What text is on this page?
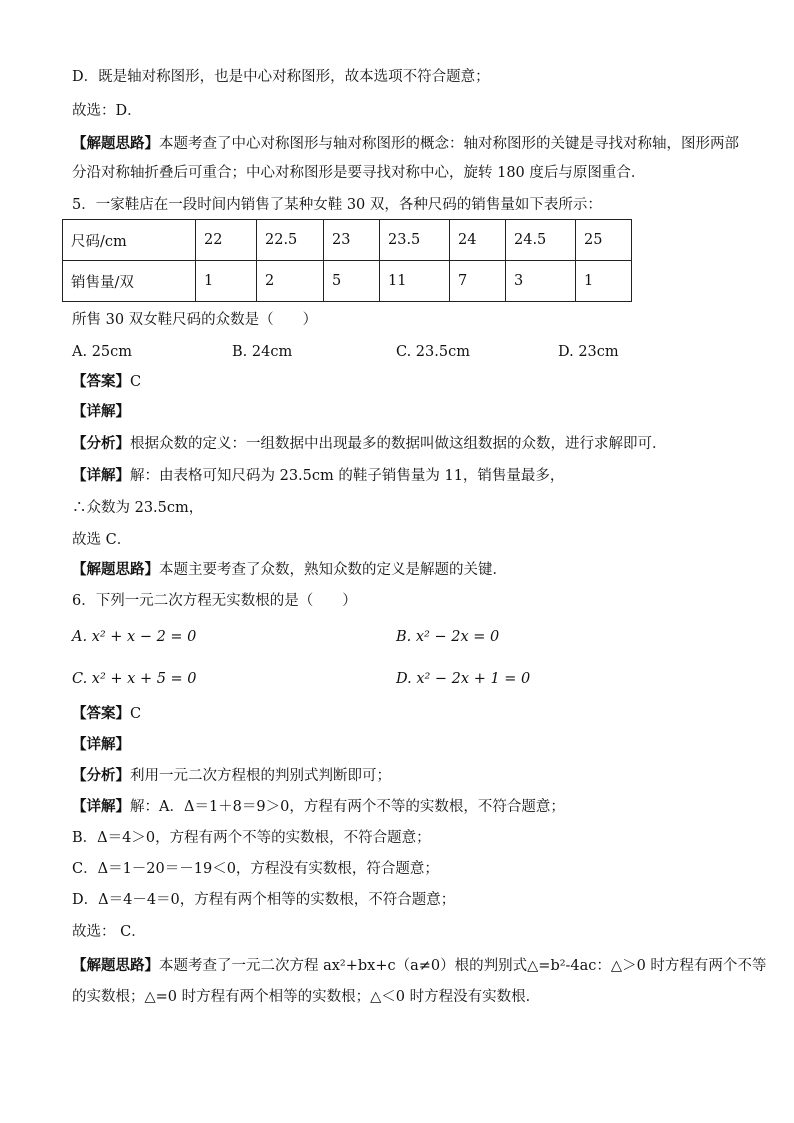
D．既是轴对称图形，也是中心对称图形，故本选项不符合题意；
故选：D．
【解题思路】本题考查了中心对称图形与轴对称图形的概念：轴对称图形的关键是寻找对称轴，图形两部
分沿对称轴折叠后可重合；中心对称图形是要寻找对称中心，旋转 180 度后与原图重合．
5．一家鞋店在一段时间内销售了某种女鞋 30 双，各种尺码的销售量如下表所示：
尺码/cm	22	22.5	23	23.5	24	24.5	25
销售量/双	1	2	5	11	7	3	1
所售 30 双女鞋尺码的众数是（　　）
A. 25cm	B. 24cm	C. 23.5cm	D. 23cm
【答案】C
【详解】
【分析】根据众数的定义：一组数据中出现最多的数据叫做这组数据的众数，进行求解即可．
【详解】解：由表格可知尺码为 23.5cm 的鞋子销售量为 11，销售量最多，
∴众数为 23.5cm，
故选 C．
【解题思路】本题主要考查了众数，熟知众数的定义是解题的关键．
6．下列一元二次方程无实数根的是（　　）
A. x² + x − 2 = 0	B. x² − 2x = 0
C. x² + x + 5 = 0	D. x² − 2x + 1 = 0
【答案】C
【详解】
【分析】利用一元二次方程根的判别式判断即可；
【详解】解：A．Δ＝1＋8＝9＞0，方程有两个不等的实数根，不符合题意；
B．Δ＝4＞0，方程有两个不等的实数根，不符合题意；
C．Δ＝1－20＝－19＜0，方程没有实数根，符合题意；
D．Δ＝4－4＝0，方程有两个相等的实数根，不符合题意；
故选： C．
【解题思路】本题考查了一元二次方程 ax²+bx+c（a≠0）根的判别式△=b²-4ac：△＞0 时方程有两个不等
的实数根；△=0 时方程有两个相等的实数根；△＜0 时方程没有实数根．
